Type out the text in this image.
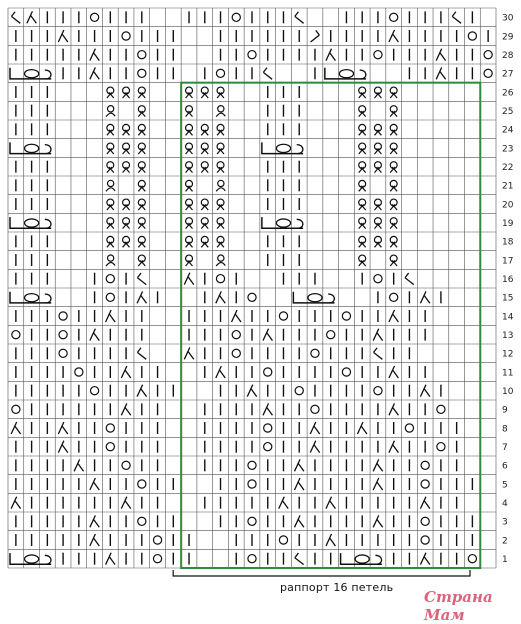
30
29
28
27
26
25
24
23
22
21
20
19
18
17
16
15
14
13
12
11
10
9
8
7
6
5
4
3
2
1
раппорт 16 петель
Страна Мам
